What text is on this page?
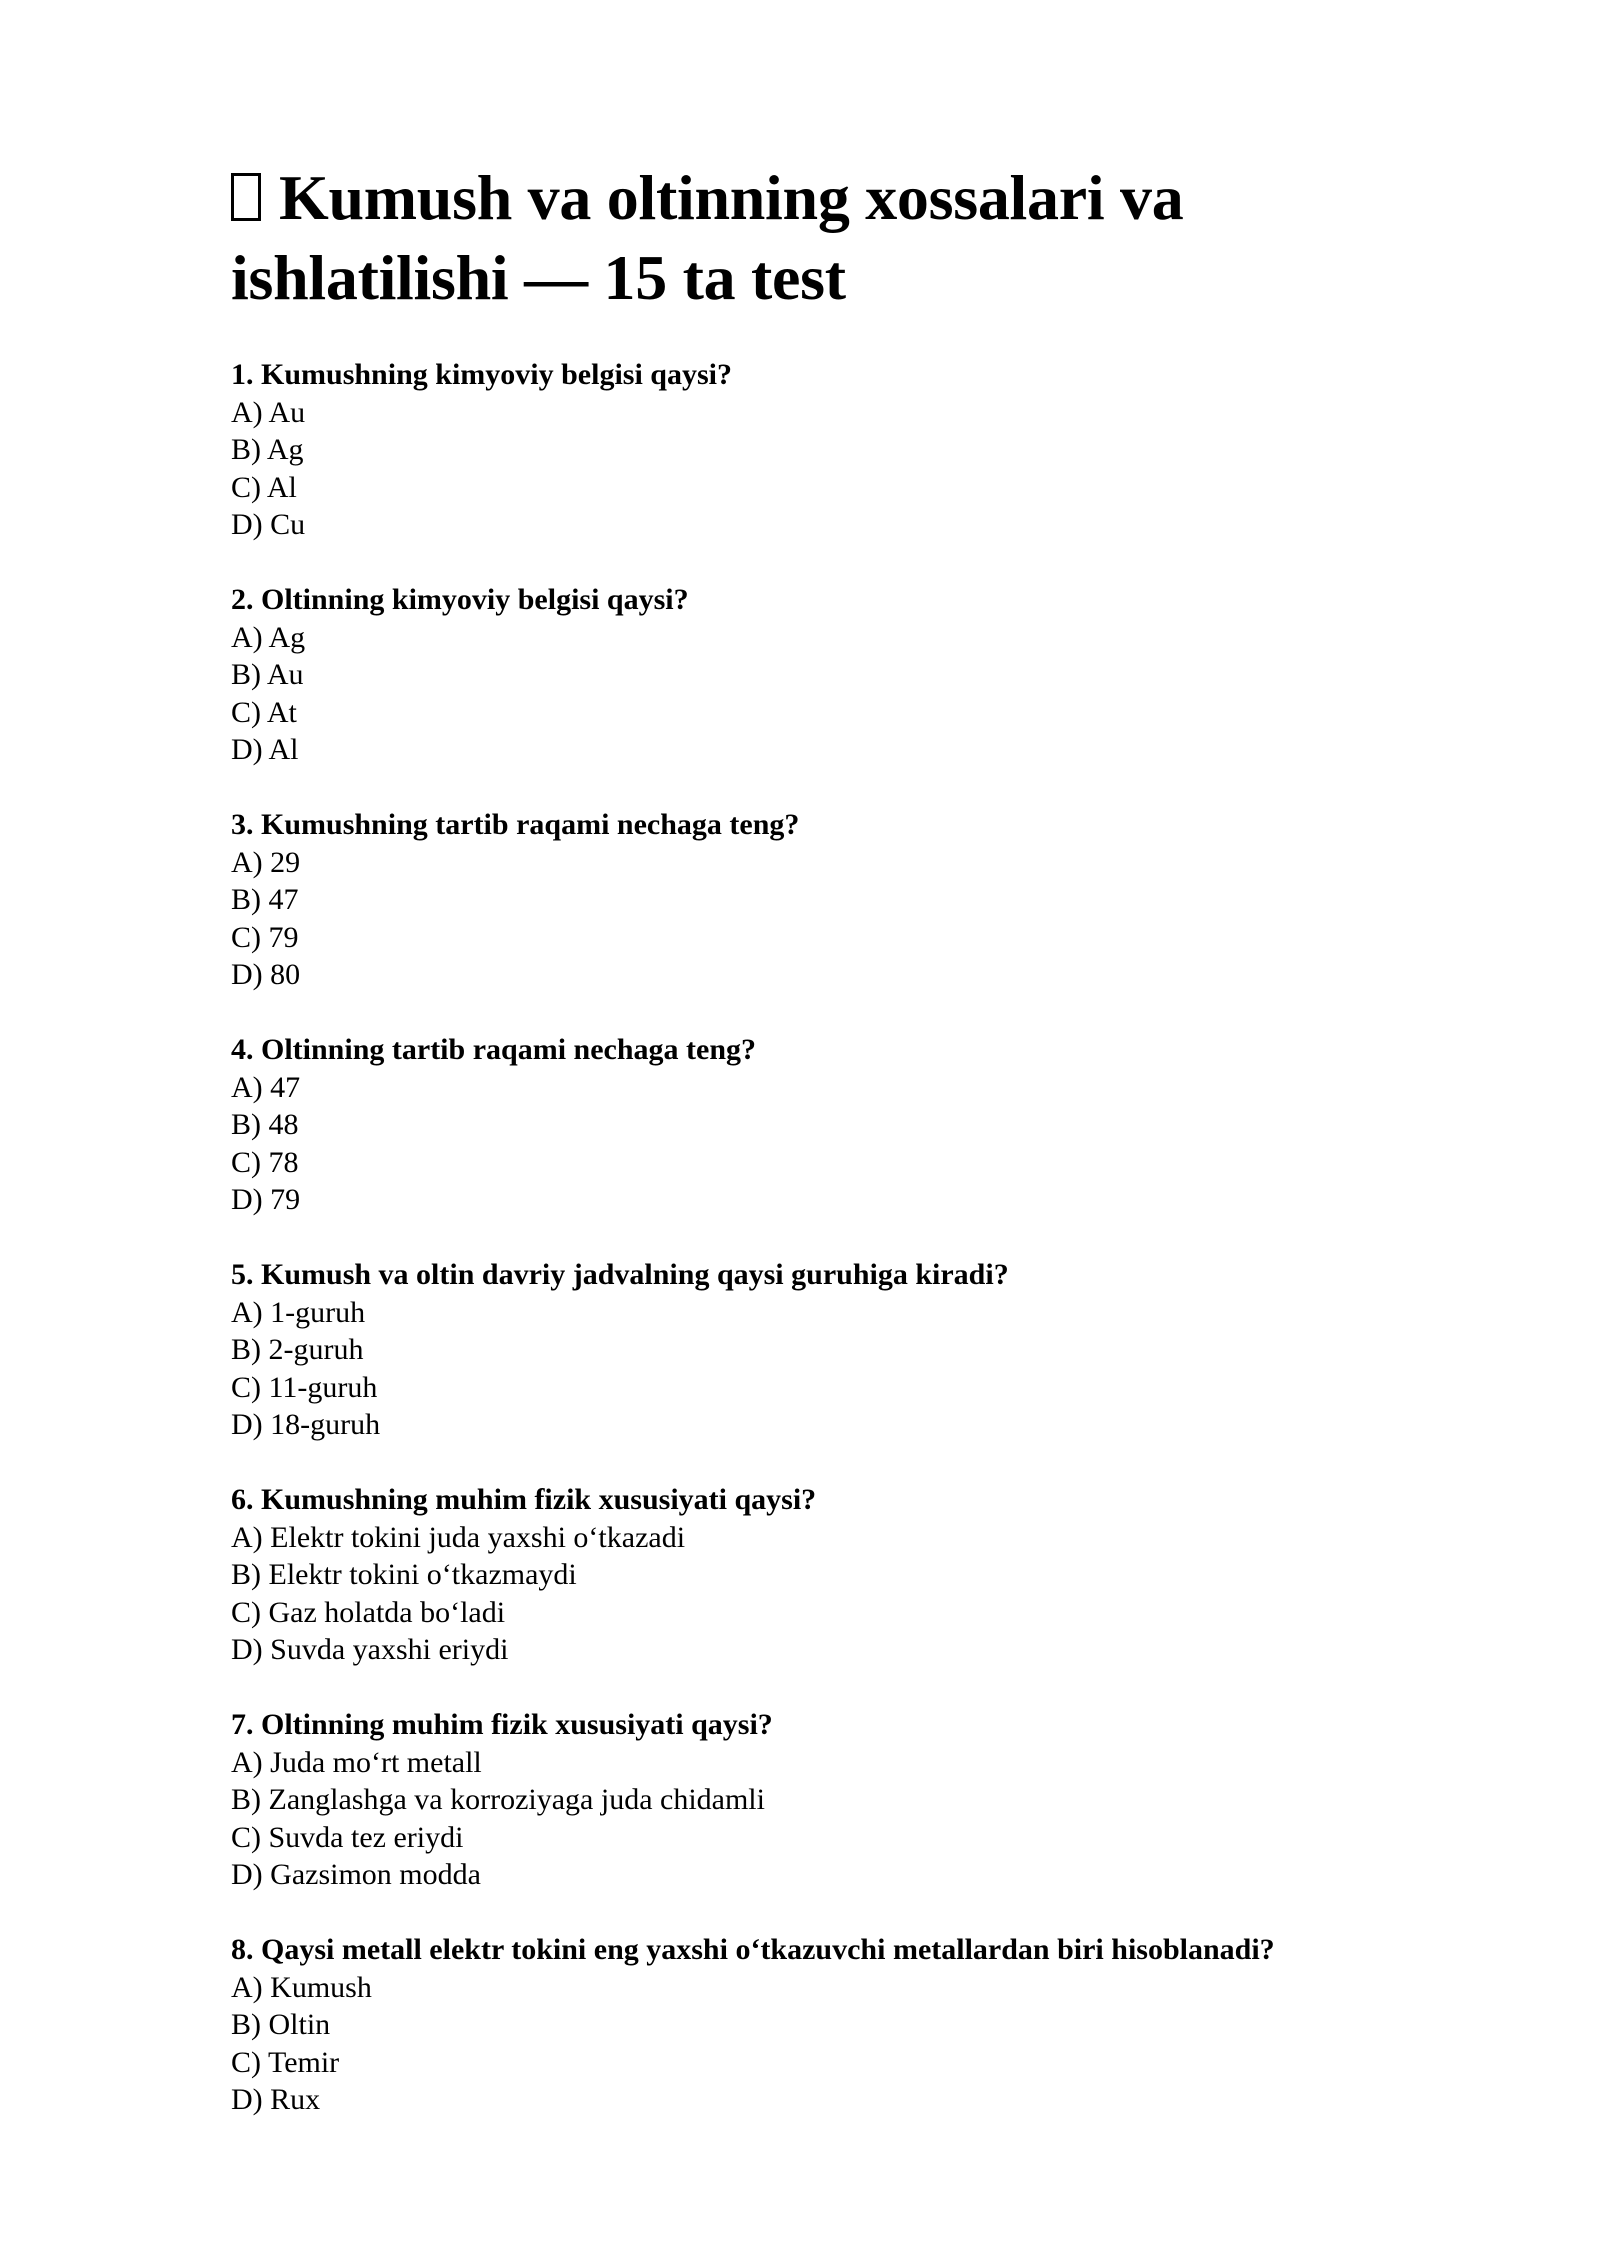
Kumush va oltinning xossalari va ishlatilishi — 15 ta test

1. Kumushning kimyoviy belgisi qaysi?

A) Au

B) Ag

C) Al

D) Cu

2. Oltinning kimyoviy belgisi qaysi?

A) Ag

B) Au

C) At

D) Al

3. Kumushning tartib raqami nechaga teng?

A) 29

B) 47

C) 79

D) 80

4. Oltinning tartib raqami nechaga teng?

A) 47

B) 48

C) 78

D) 79

5. Kumush va oltin davriy jadvalning qaysi guruhiga kiradi?

A) 1-guruh

B) 2-guruh

C) 11-guruh

D) 18-guruh

6. Kumushning muhim fizik xususiyati qaysi?

A) Elektr tokini juda yaxshi o‘tkazadi

B) Elektr tokini o‘tkazmaydi

C) Gaz holatda bo‘ladi

D) Suvda yaxshi eriydi

7. Oltinning muhim fizik xususiyati qaysi?

A) Juda mo‘rt metall

B) Zanglashga va korroziyaga juda chidamli

C) Suvda tez eriydi

D) Gazsimon modda

8. Qaysi metall elektr tokini eng yaxshi o‘tkazuvchi metallardan biri hisoblanadi?

A) Kumush

B) Oltin

C) Temir

D) Rux
